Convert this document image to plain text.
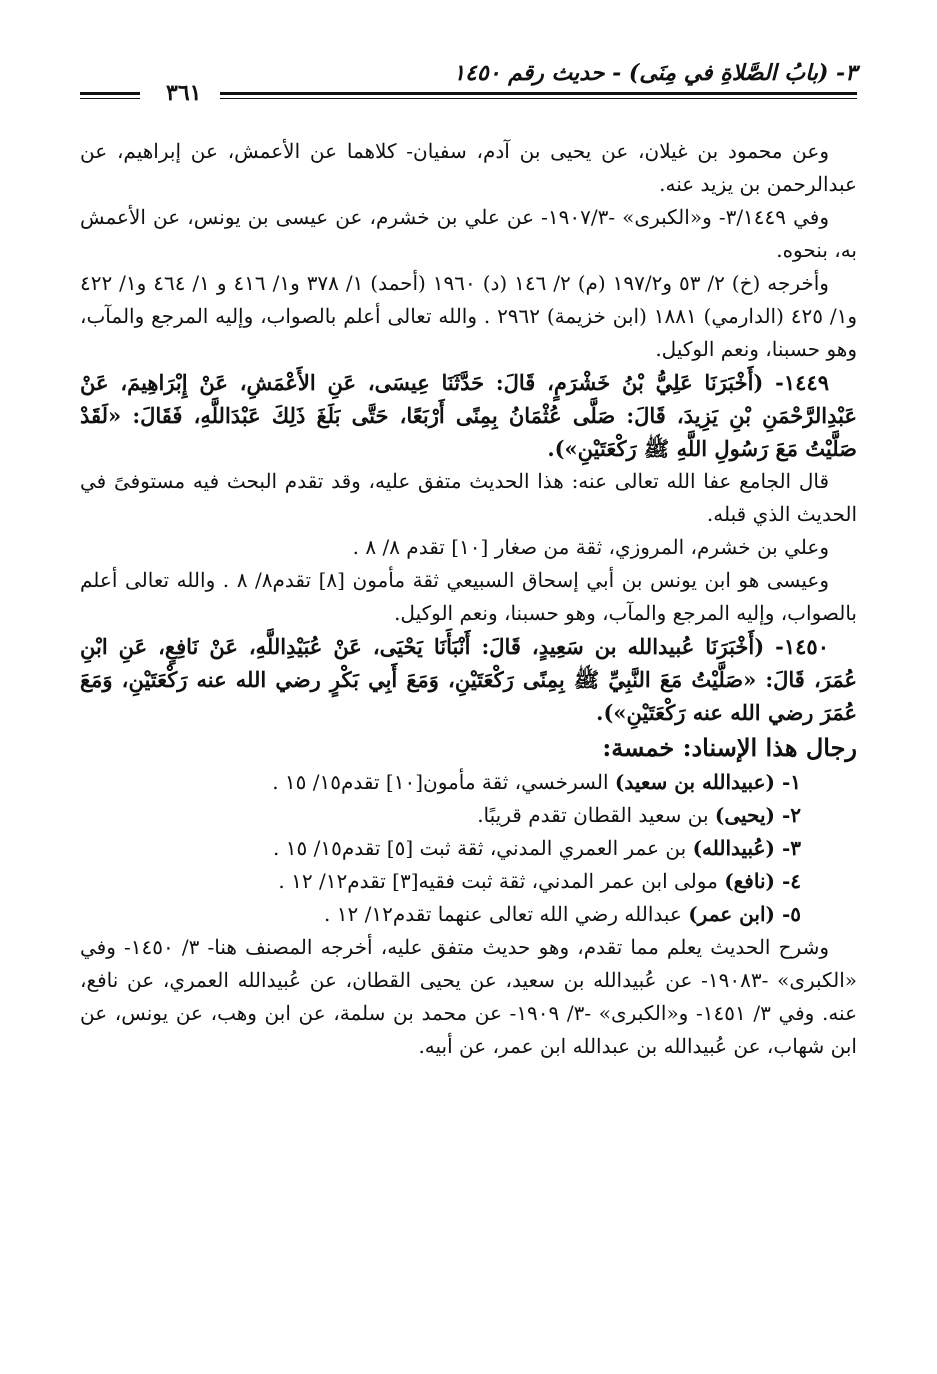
٣- (بابُ الصَّلاةِ في مِنَى) - حديث رقم ١٤٥٠
٣٦١

وعن محمود بن غيلان، عن يحيى بن آدم، سفيان- كلاهما عن الأعمش، عن إبراهيم، عن عبدالرحمن بن يزيد عنه.

وفي ٣/١٤٤٩- و«الكبرى» -١٩٠٧/٣- عن علي بن خشرم، عن عيسى بن يونس، عن الأعمش به، بنحوه.

وأخرجه (خ) ٢/ ٥٣ و١٩٧/٢ (م) ٢/ ١٤٦ (د) ١٩٦٠ (أحمد) ١/ ٣٧٨ و١/ ٤١٦ و ١/ ٤٦٤ و١/ ٤٢٢ و١/ ٤٢٥ (الدارمي) ١٨٨١ (ابن خزيمة) ٢٩٦٢ . والله تعالى أعلم بالصواب، وإليه المرجع والمآب، وهو حسبنا، ونعم الوكيل.

١٤٤٩- (أَخْبَرَنَا عَلِيُّ بْنُ خَشْرَمٍ، قَالَ: حَدَّثَنَا عِيسَى، عَنِ الأَعْمَشِ، عَنْ إِبْرَاهِيمَ، عَنْ عَبْدِالرَّحْمَنِ بْنِ يَزِيدَ، قَالَ: صَلَّى عُثْمَانُ بِمِنًى أَرْبَعًا، حَتَّى بَلَغَ ذَلِكَ عَبْدَاللَّهِ، فَقَالَ: «لَقَدْ صَلَّيْتُ مَعَ رَسُولِ اللَّهِ ﷺ رَكْعَتَيْنِ»).

قال الجامع عفا الله تعالى عنه: هذا الحديث متفق عليه، وقد تقدم البحث فيه مستوفىً في الحديث الذي قبله.

وعلي بن خشرم، المروزي، ثقة من صغار [١٠] تقدم ٨/ ٨ .

وعيسى هو ابن يونس بن أبي إسحاق السبيعي ثقة مأمون [٨] تقدم٨/ ٨ . والله تعالى أعلم بالصواب، وإليه المرجع والمآب، وهو حسبنا، ونعم الوكيل.

١٤٥٠- (أَخْبَرَنَا عُبيدالله بن سَعِيدٍ، قَالَ: أَنْبَأَنَا يَحْيَى، عَنْ عُبَيْدِاللَّهِ، عَنْ نَافِعٍ، عَنِ ابْنِ عُمَرَ، قَالَ: «صَلَّيْتُ مَعَ النَّبِيِّ ﷺ بِمِنًى رَكْعَتَيْنِ، وَمَعَ أَبِي بَكْرٍ رضي الله عنه رَكْعَتَيْنِ، وَمَعَ عُمَرَ رضي الله عنه رَكْعَتَيْنِ»).

رجال هذا الإسناد: خمسة:

١- (عبيدالله بن سعيد) السرخسي، ثقة مأمون[١٠] تقدم١٥/ ١٥ .

٢- (يحيى) بن سعيد القطان تقدم قريبًا.

٣- (عُبيدالله) بن عمر العمري المدني، ثقة ثبت [٥] تقدم١٥/ ١٥ .

٤- (نافع) مولى ابن عمر المدني، ثقة ثبت فقيه[٣] تقدم١٢/ ١٢ .

٥- (ابن عمر) عبدالله رضي الله تعالى عنهما تقدم١٢/ ١٢ .

وشرح الحديث يعلم مما تقدم، وهو حديث متفق عليه، أخرجه المصنف هنا- ٣/ ١٤٥٠- وفي «الكبرى» -١٩٠٨٣- عن عُبيدالله بن سعيد، عن يحيى القطان، عن عُبيدالله العمري، عن نافع، عنه. وفي ٣/ ١٤٥١- و«الكبرى» -٣/ ١٩٠٩- عن محمد بن سلمة، عن ابن وهب، عن يونس، عن ابن شهاب، عن عُبيدالله بن عبدالله ابن عمر، عن أبيه.
